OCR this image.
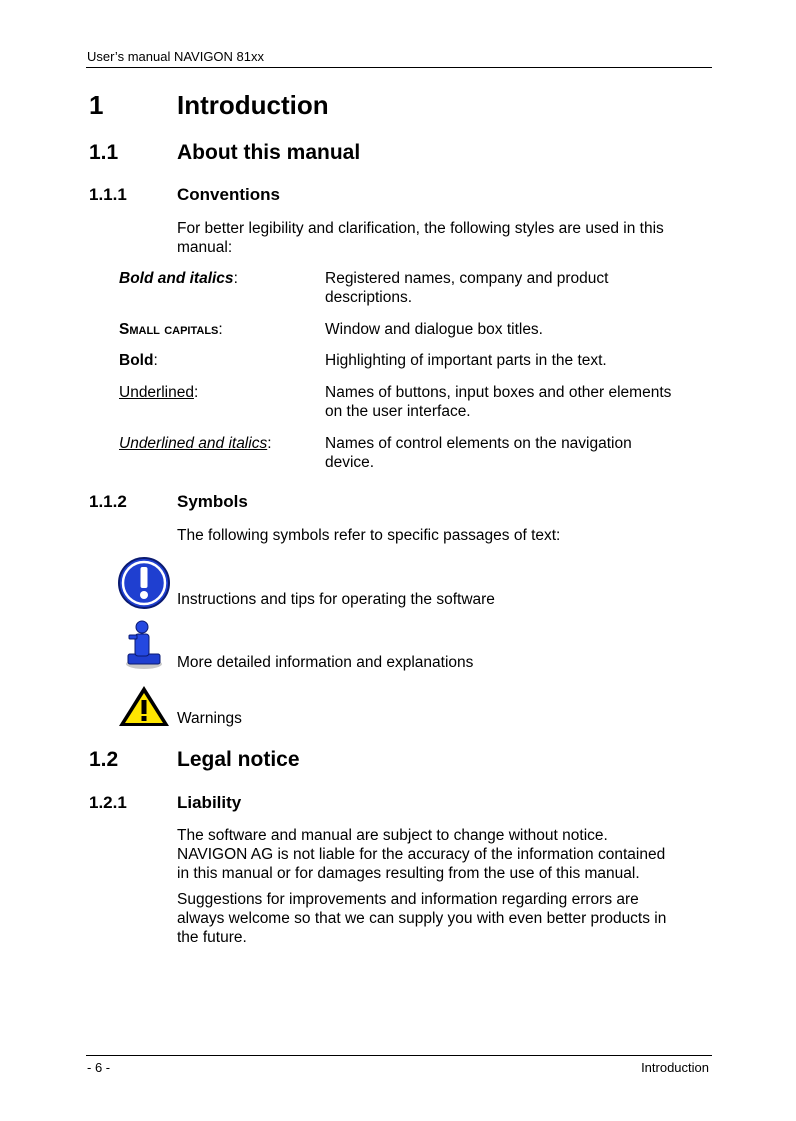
User’s manual NAVIGON 81xx
1	Introduction
1.1	About this manual
1.1.1	Conventions
For better legibility and clarification, the following styles are used in this
manual:
Bold and italics:	Registered names, company and product
descriptions.
Small capitals:	Window and dialogue box titles.
Bold:	Highlighting of important parts in the text.
Underlined:	Names of buttons, input boxes and other elements
on the user interface.
Underlined and italics:	Names of control elements on the navigation
device.
1.1.2	Symbols
The following symbols refer to specific passages of text:
Instructions and tips for operating the software
More detailed information and explanations
Warnings
1.2	Legal notice
1.2.1	Liability
The software and manual are subject to change without notice.
NAVIGON AG is not liable for the accuracy of the information contained
in this manual or for damages resulting from the use of this manual.
Suggestions for improvements and information regarding errors are
always welcome so that we can supply you with even better products in
the future.
- 6 -	Introduction
